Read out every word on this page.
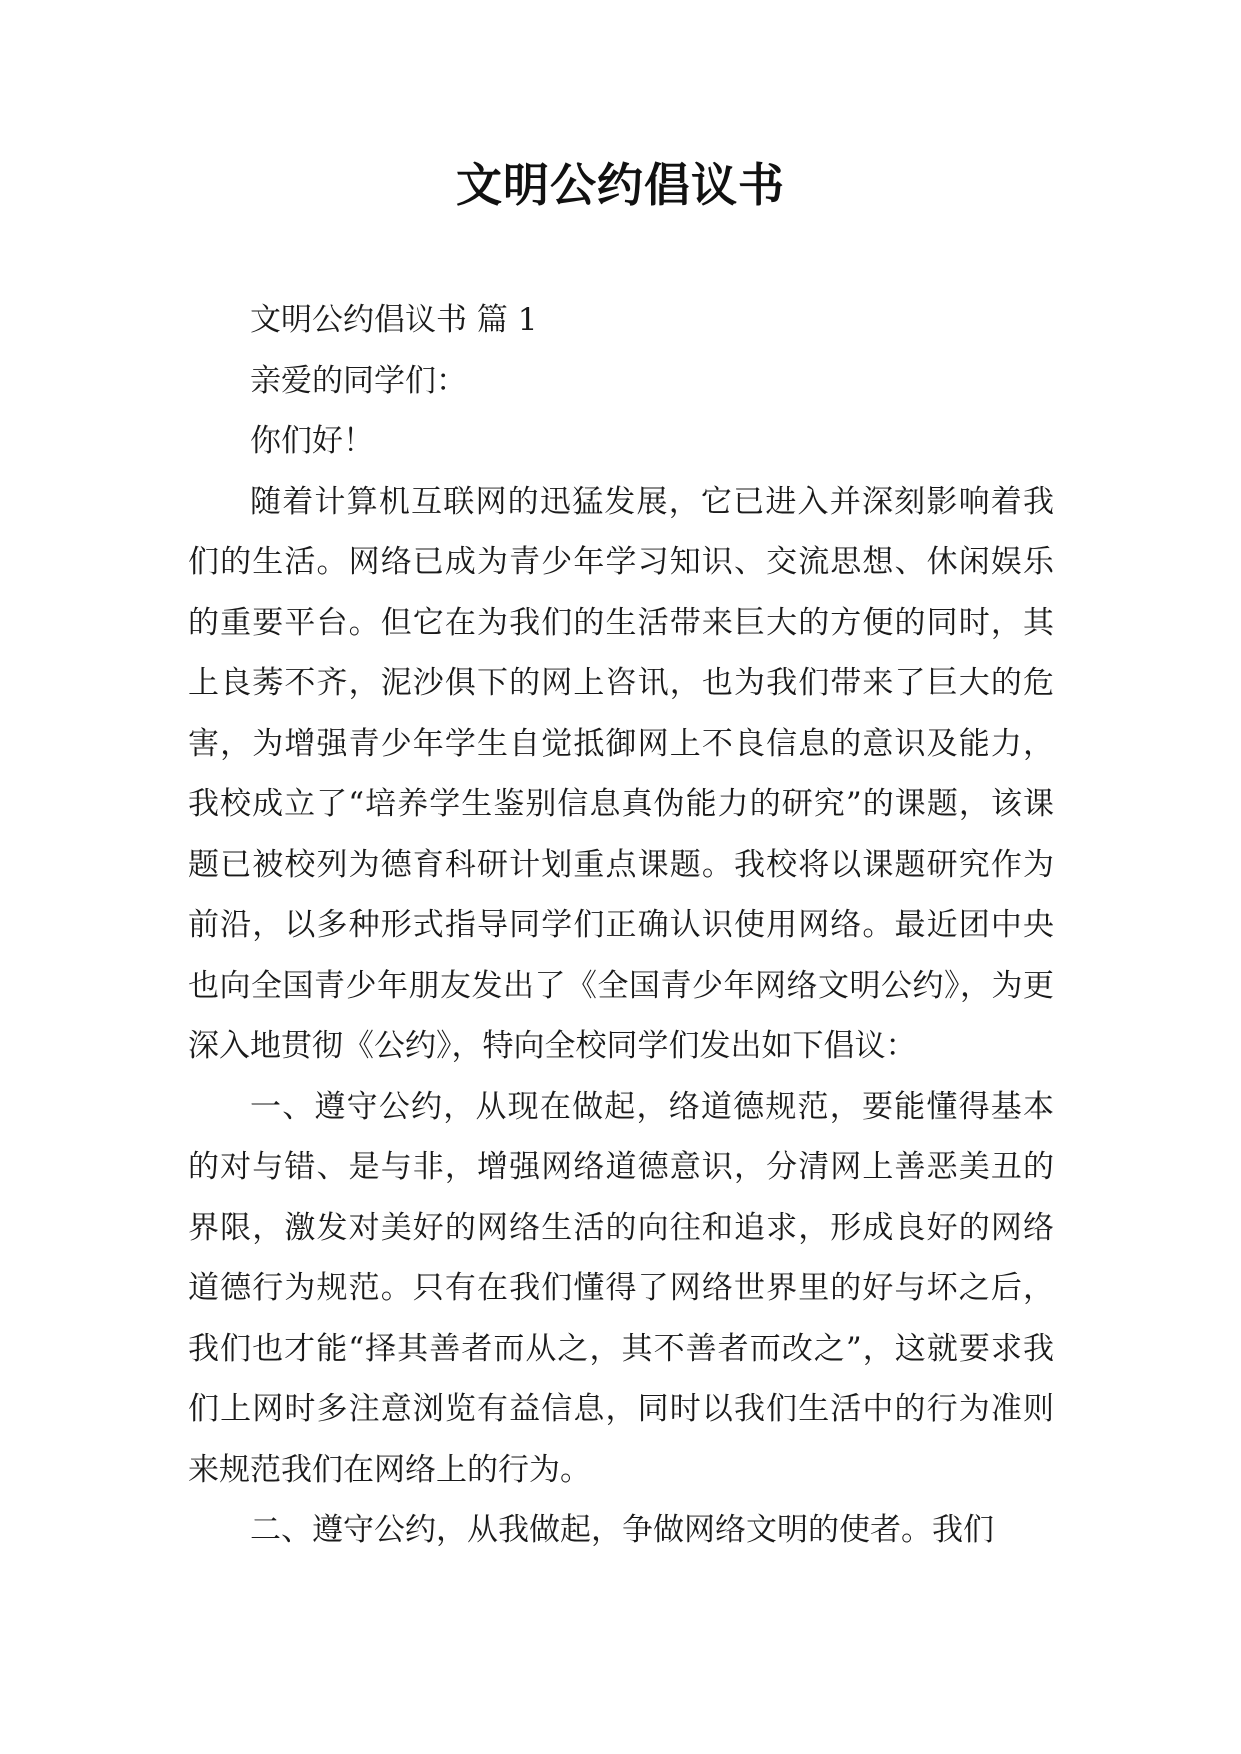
文明公约倡议书

文明公约倡议书 篇 1

亲爱的同学们：

你们好！

随着计算机互联网的迅猛发展，它已进入并深刻影响着我们的生活。网络已成为青少年学习知识、交流思想、休闲娱乐的重要平台。但它在为我们的生活带来巨大的方便的同时，其上良莠不齐，泥沙俱下的网上咨讯，也为我们带来了巨大的危害，为增强青少年学生自觉抵御网上不良信息的意识及能力，我校成立了“培养学生鉴别信息真伪能力的研究”的课题，该课题已被校列为德育科研计划重点课题。我校将以课题研究作为前沿，以多种形式指导同学们正确认识使用网络。最近团中央也向全国青少年朋友发出了《全国青少年网络文明公约》，为更深入地贯彻《公约》，特向全校同学们发出如下倡议：

一、遵守公约，从现在做起，络道德规范，要能懂得基本的对与错、是与非，增强网络道德意识，分清网上善恶美丑的界限，激发对美好的网络生活的向往和追求，形成良好的网络道德行为规范。只有在我们懂得了网络世界里的好与坏之后，我们也才能“择其善者而从之，其不善者而改之”，这就要求我们上网时多注意浏览有益信息，同时以我们生活中的行为准则来规范我们在网络上的行为。

二、遵守公约，从我做起，争做网络文明的使者。我们
